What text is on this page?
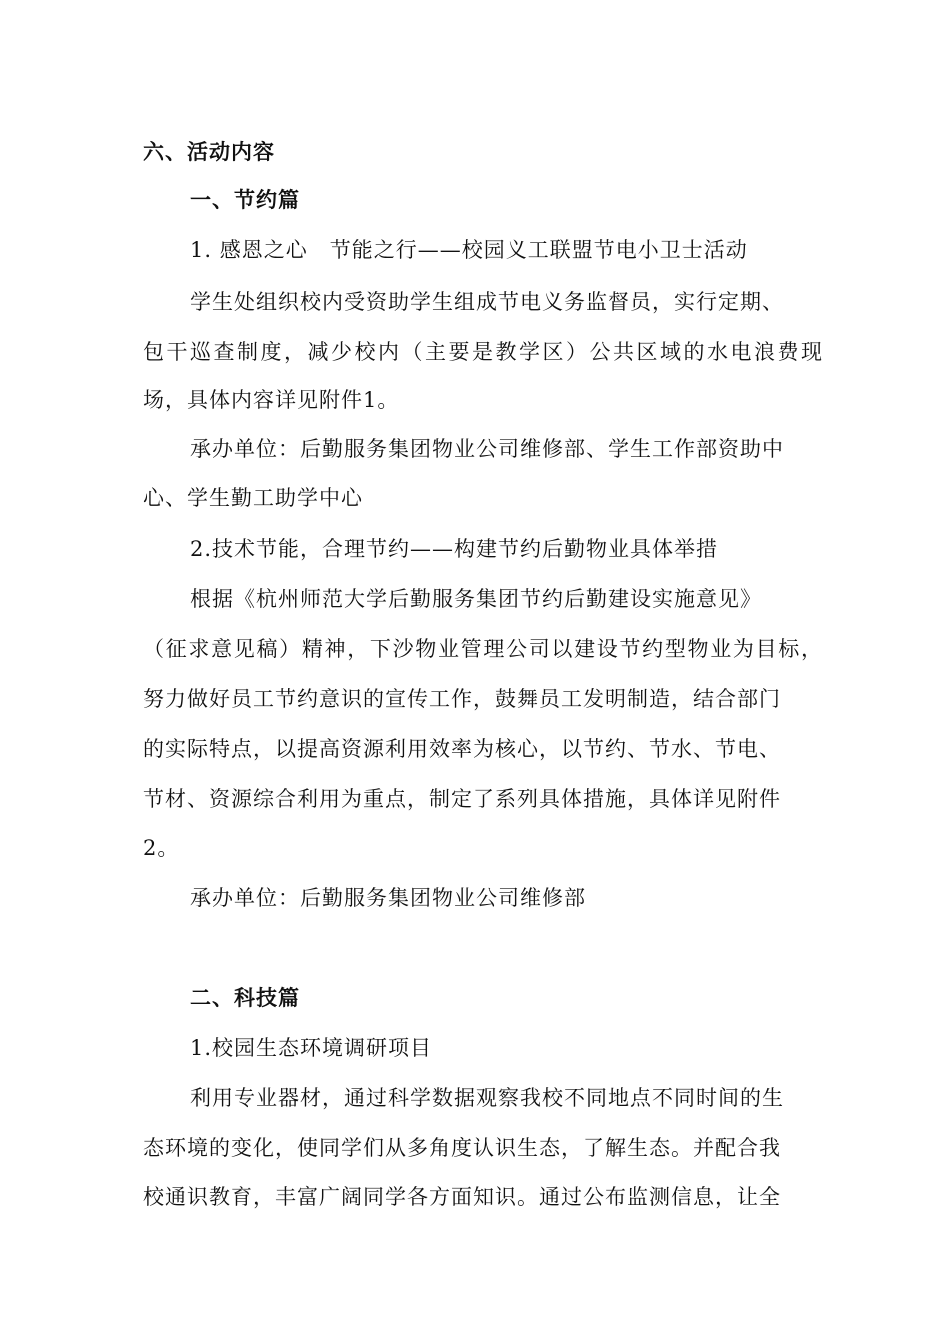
六、活动内容
一、节约篇
1. 感恩之心　节能之行——校园义工联盟节电小卫士活动
学生处组织校内受资助学生组成节电义务监督员，实行定期、
包干巡查制度，减少校内（主要是教学区）公共区域的水电浪费现
场，具体内容详见附件1。
承办单位：后勤服务集团物业公司维修部、学生工作部资助中
心、学生勤工助学中心
2.技术节能，合理节约——构建节约后勤物业具体举措
根据《杭州师范大学后勤服务集团节约后勤建设实施意见》
（征求意见稿）精神，下沙物业管理公司以建设节约型物业为目标，
努力做好员工节约意识的宣传工作，鼓舞员工发明制造，结合部门
的实际特点，以提高资源利用效率为核心，以节约、节水、节电、
节材、资源综合利用为重点，制定了系列具体措施，具体详见附件
2。
承办单位：后勤服务集团物业公司维修部
二、科技篇
1.校园生态环境调研项目
利用专业器材，通过科学数据观察我校不同地点不同时间的生
态环境的变化，使同学们从多角度认识生态，了解生态。并配合我
校通识教育，丰富广阔同学各方面知识。通过公布监测信息，让全
